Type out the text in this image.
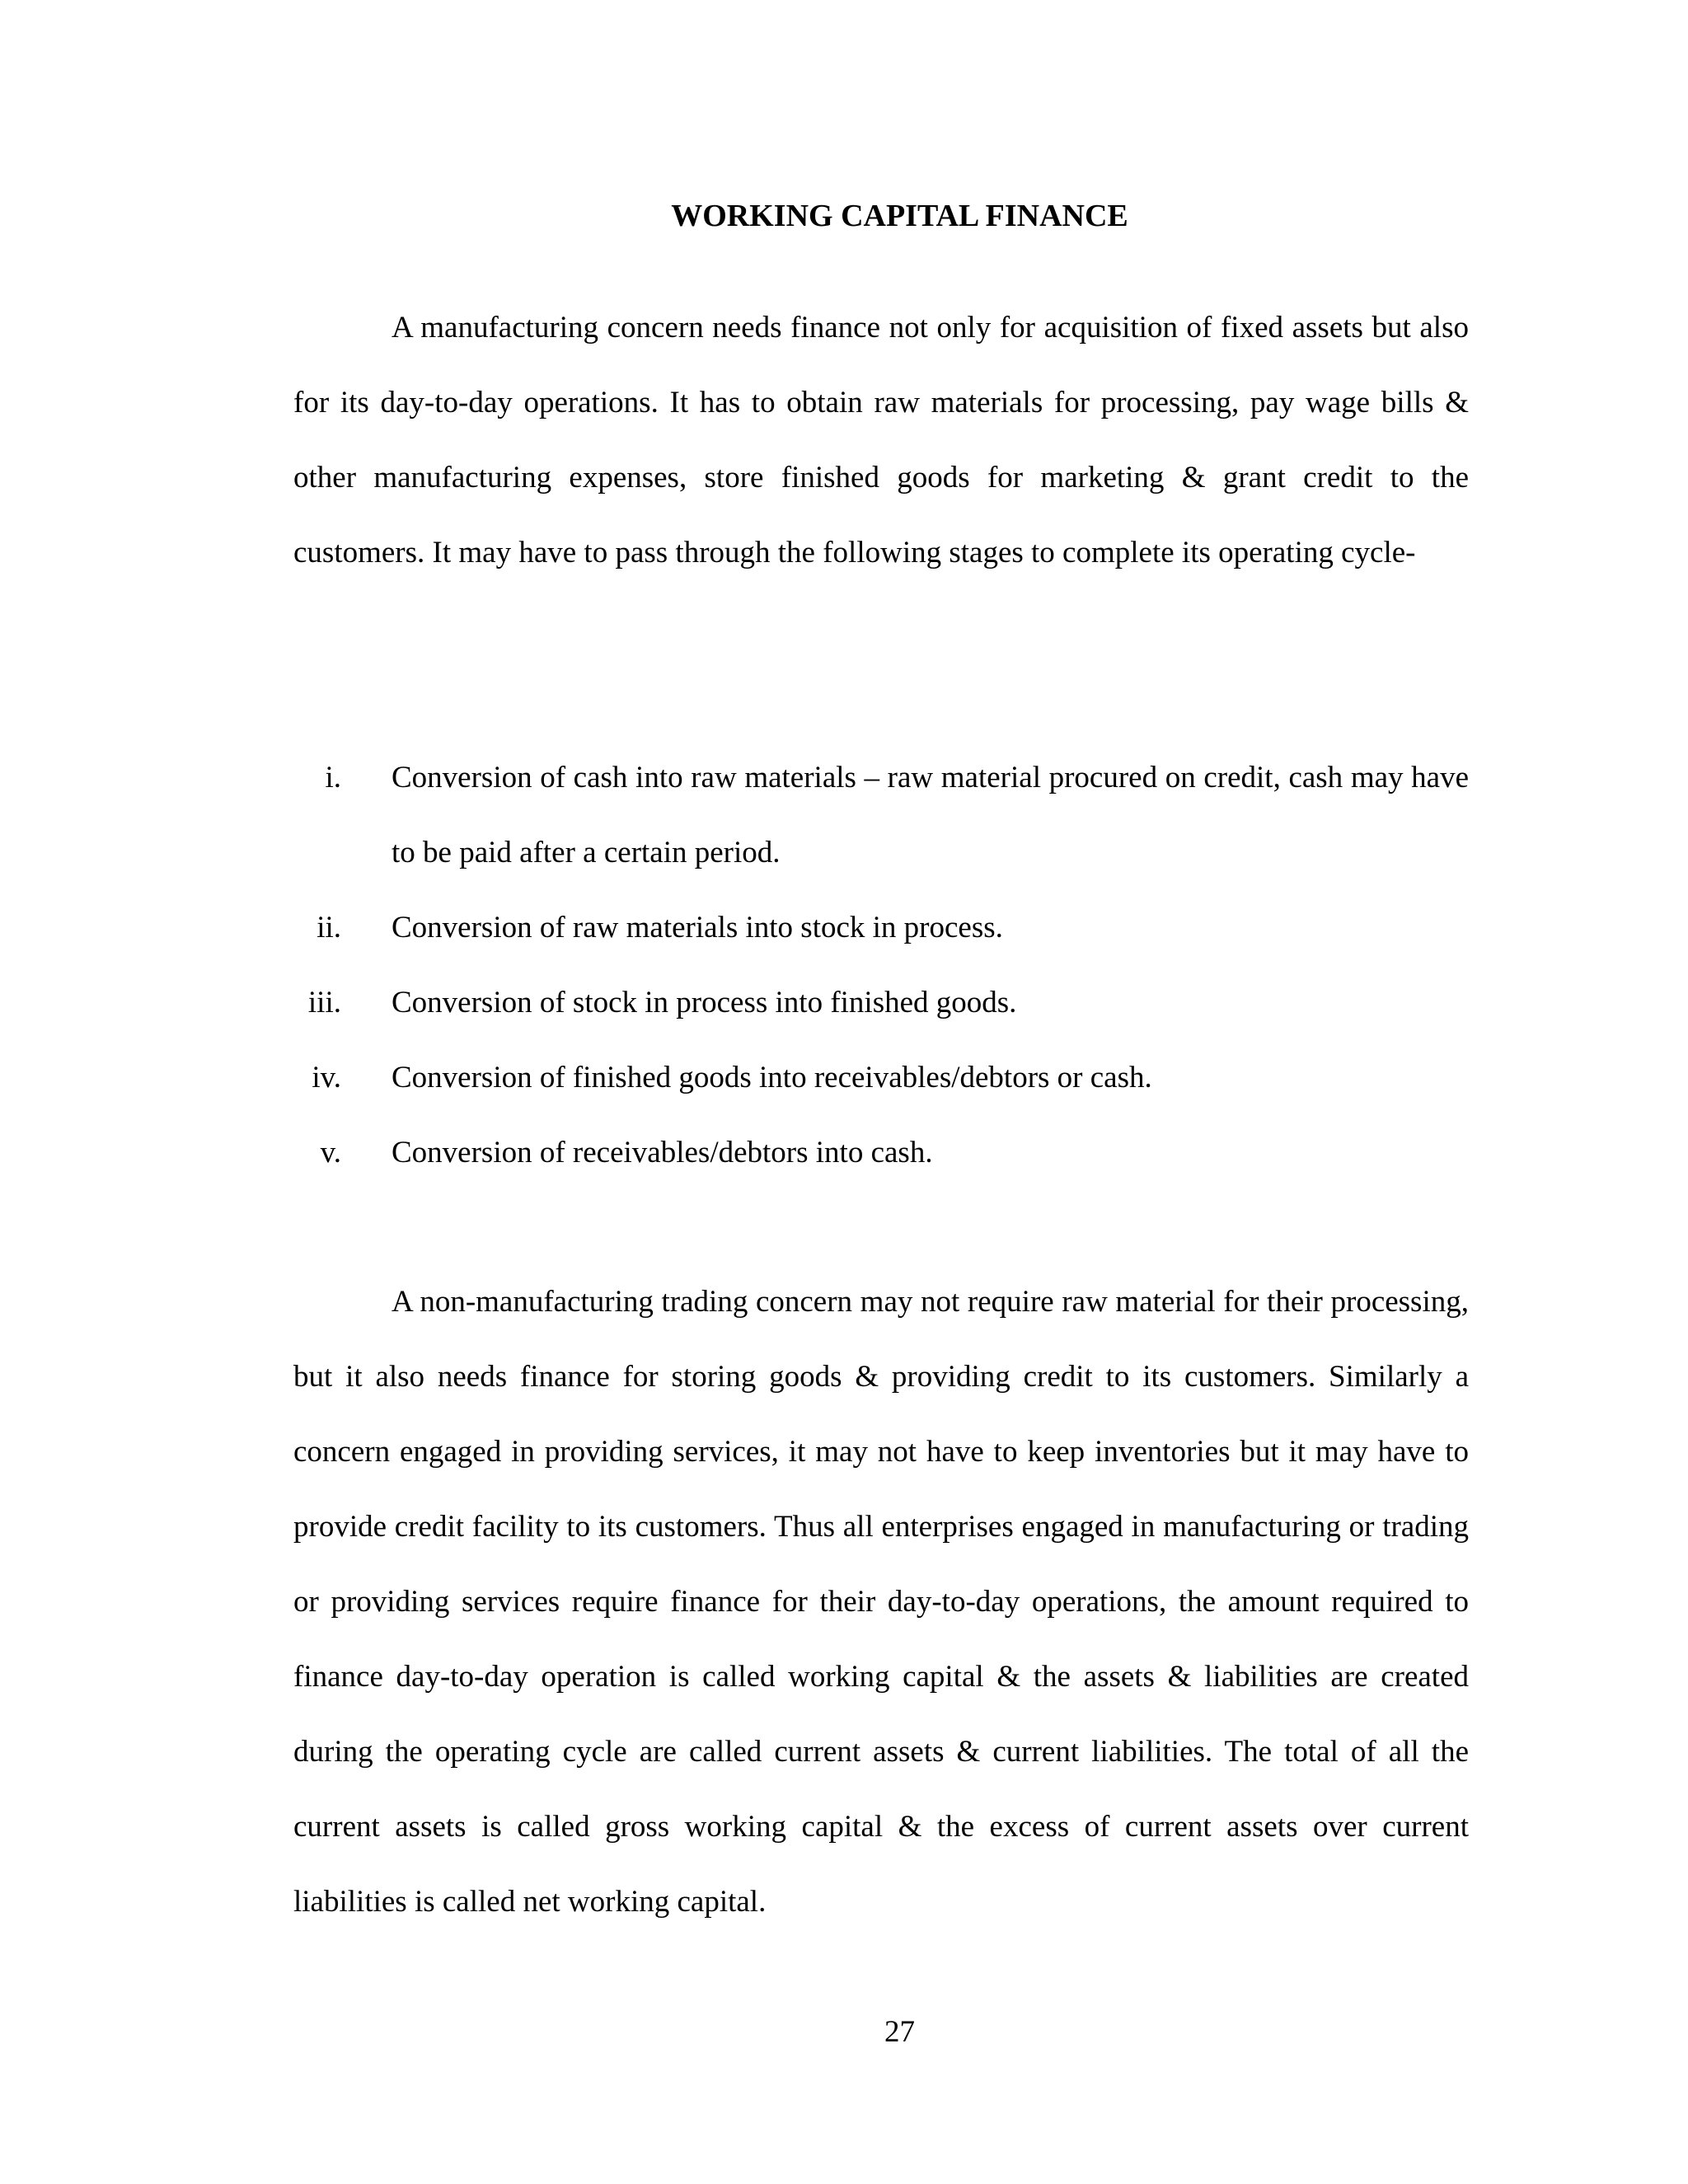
WORKING CAPITAL FINANCE

A manufacturing concern needs finance not only for acquisition of fixed assets but also for its day-to-day operations. It has to obtain raw materials for processing, pay wage bills & other manufacturing expenses, store finished goods for marketing & grant credit to the customers. It may have to pass through the following stages to complete its operating cycle-

i. Conversion of cash into raw materials – raw material procured on credit, cash may have to be paid after a certain period.
ii. Conversion of raw materials into stock in process.
iii. Conversion of stock in process into finished goods.
iv. Conversion of finished goods into receivables/debtors or cash.
v. Conversion of receivables/debtors into cash.

A non-manufacturing trading concern may not require raw material for their processing, but it also needs finance for storing goods & providing credit to its customers. Similarly a concern engaged in providing services, it may not have to keep inventories but it may have to provide credit facility to its customers. Thus all enterprises engaged in manufacturing or trading or providing services require finance for their day-to-day operations, the amount required to finance day-to-day operation is called working capital & the assets & liabilities are created during the operating cycle are called current assets & current liabilities. The total of all the current assets is called gross working capital & the excess of current assets over current liabilities is called net working capital.

27
